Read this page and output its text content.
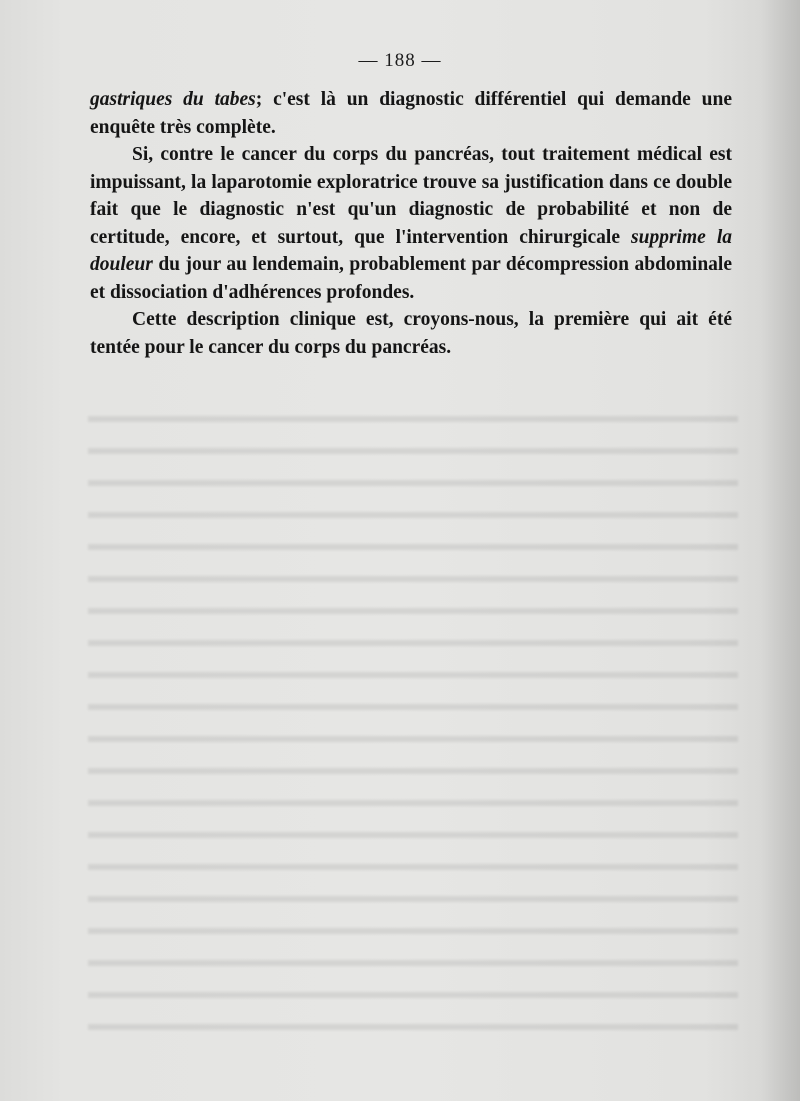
— 188 —

gastriques du tabes; c'est là un diagnostic différentiel qui demande une enquête très complète.

Si, contre le cancer du corps du pancréas, tout traitement médical est impuissant, la laparotomie exploratrice trouve sa justification dans ce double fait que le diagnostic n'est qu'un diagnostic de probabilité et non de certitude, encore, et surtout, que l'intervention chirurgicale supprime la douleur du jour au lendemain, probablement par décompression abdominale et dissociation d'adhérences profondes.

Cette description clinique est, croyons-nous, la première qui ait été tentée pour le cancer du corps du pancréas.
